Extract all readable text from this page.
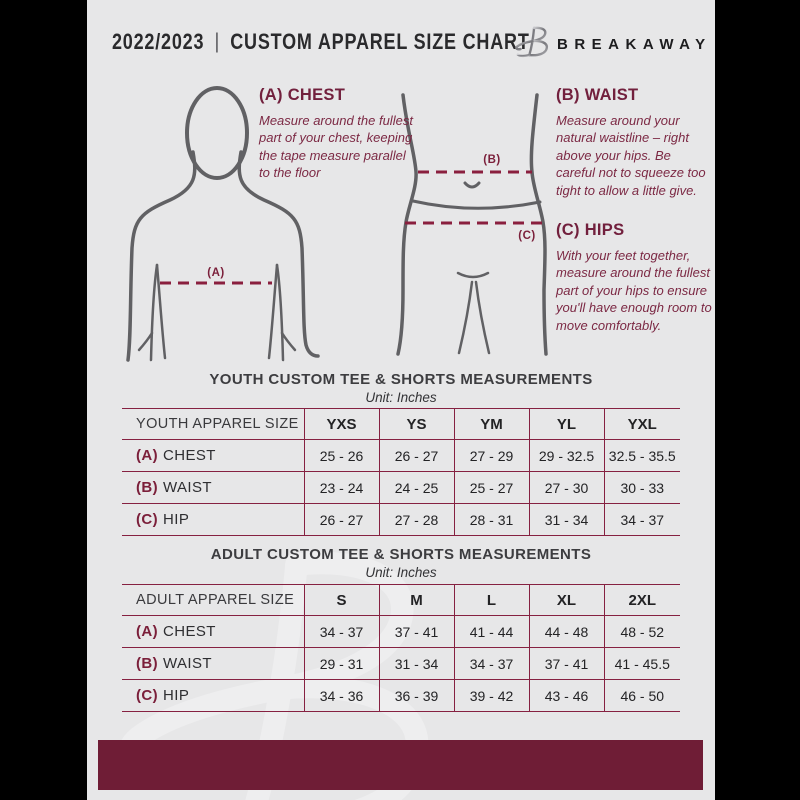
2022/2023 | CUSTOM APPAREL SIZE CHART BREAKAWAY
(A)
(B)
(C)
(A) CHEST
Measure around the fullest part of your chest, keeping the tape measure parallel to the floor
(B) WAIST
Measure around your natural waistline – right above your hips. Be careful not to squeeze too tight to allow a little give.
(C) HIPS
With your feet together, measure around the fullest part of your hips to ensure you'll have enough room to move comfortably.
YOUTH CUSTOM TEE & SHORTS MEASUREMENTS
Unit: Inches
YOUTH APPAREL SIZE	YXS	YS	YM	YL	YXL
(A) CHEST	25 - 26	26 - 27	27 - 29	29 - 32.5	32.5 - 35.5
(B) WAIST	23 - 24	24 - 25	25 - 27	27 - 30	30 - 33
(C) HIP	26 - 27	27 - 28	28 - 31	31 - 34	34 - 37
ADULT CUSTOM TEE & SHORTS MEASUREMENTS
Unit: Inches
ADULT APPAREL SIZE	S	M	L	XL	2XL
(A) CHEST	34 - 37	37 - 41	41 - 44	44 - 48	48 - 52
(B) WAIST	29 - 31	31 - 34	34 - 37	37 - 41	41 - 45.5
(C) HIP	34 - 36	36 - 39	39 - 42	43 - 46	46 - 50
